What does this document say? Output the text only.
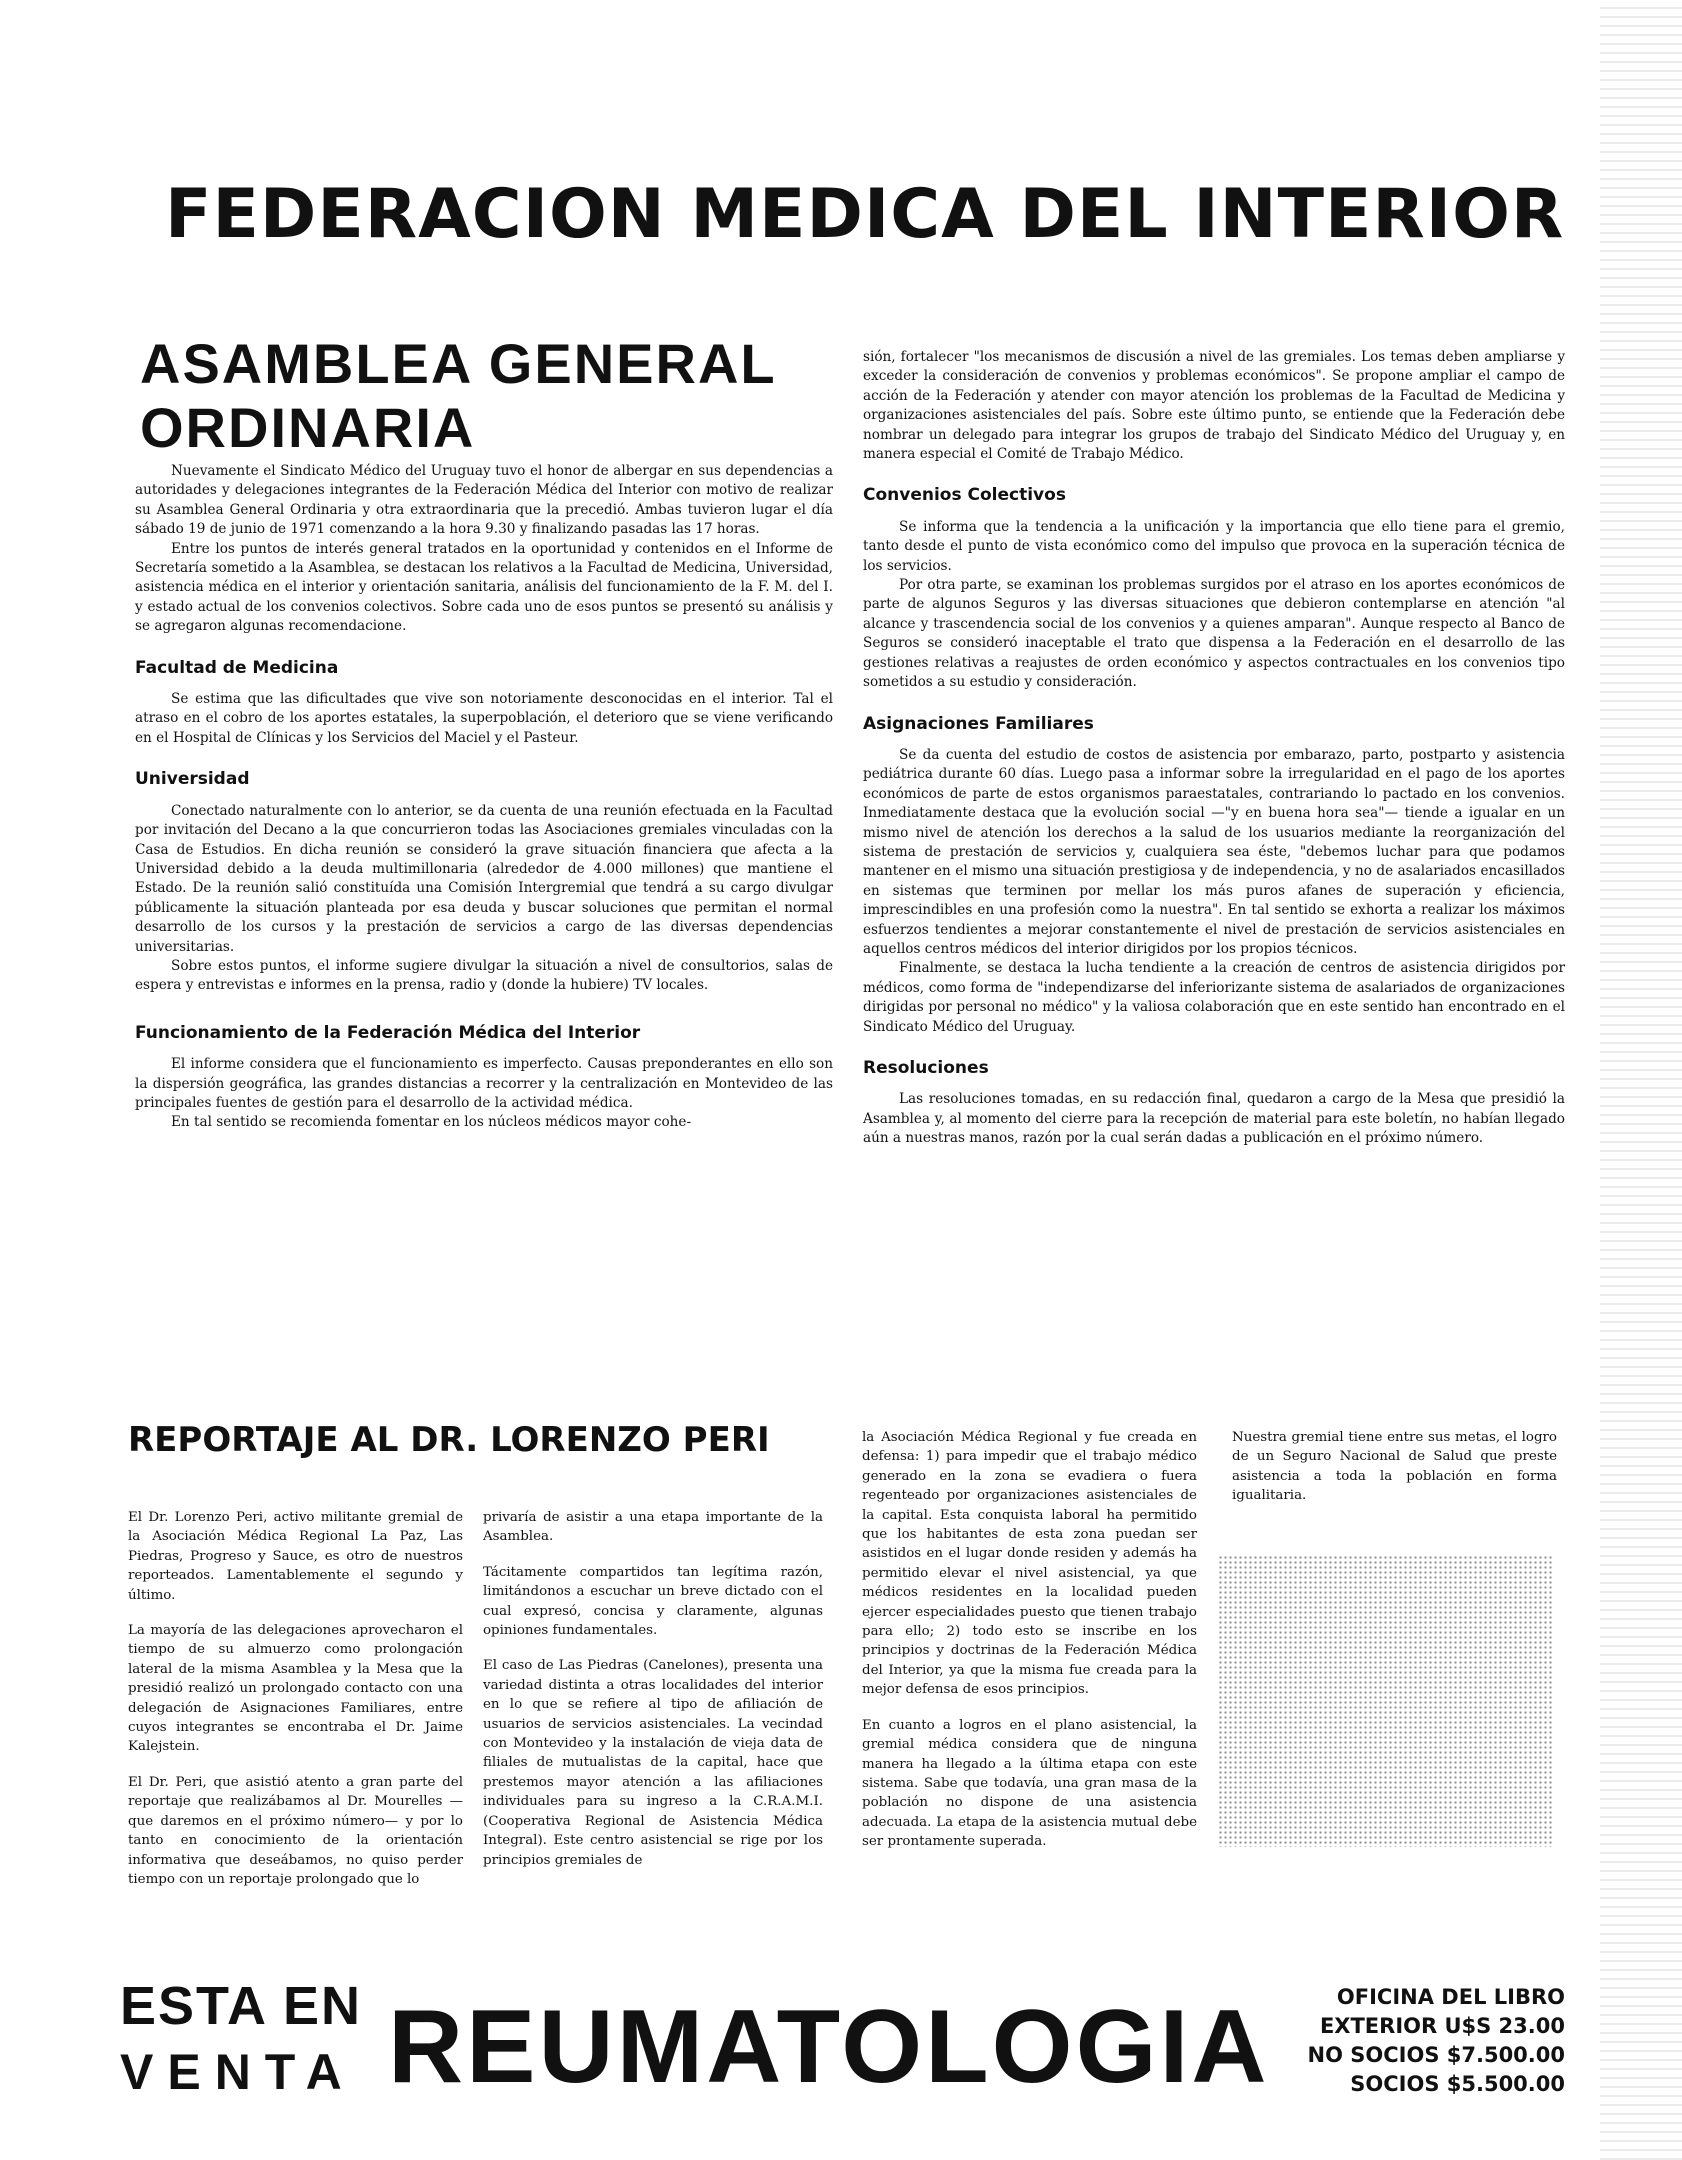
FEDERACION MEDICA DEL INTERIOR
ASAMBLEA GENERAL
ORDINARIA

Nuevamente el Sindicato Médico del Uruguay tuvo el honor de albergar en sus dependencias a autoridades y delegaciones integrantes de la Federación Médica del Interior con motivo de realizar su Asamblea General Ordinaria y otra extraordinaria que la precedió. Ambas tuvieron lugar el día sábado 19 de junio de 1971 comenzando a la hora 9.30 y finalizando pasadas las 17 horas.

Entre los puntos de interés general tratados en la oportunidad y contenidos en el Informe de Secretaría sometido a la Asamblea, se destacan los relativos a la Facultad de Medicina, Universidad, asistencia médica en el interior y orientación sanitaria, análisis del funcionamiento de la F. M. del I. y estado actual de los convenios colectivos. Sobre cada uno de esos puntos se presentó su análisis y se agregaron algunas recomendacione.

Facultad de Medicina

Se estima que las dificultades que vive son notoriamente desconocidas en el interior. Tal el atraso en el cobro de los aportes estatales, la superpoblación, el deterioro que se viene verificando en el Hospital de Clínicas y los Servicios del Maciel y el Pasteur.

Universidad

Conectado naturalmente con lo anterior, se da cuenta de una reunión efectuada en la Facultad por invitación del Decano a la que concurrieron todas las Asociaciones gremiales vinculadas con la Casa de Estudios. En dicha reunión se consideró la grave situación financiera que afecta a la Universidad debido a la deuda multimillonaria (alrededor de 4.000 millones) que mantiene el Estado. De la reunión salió constituída una Comisión Intergremial que tendrá a su cargo divulgar públicamente la situación planteada por esa deuda y buscar soluciones que permitan el normal desarrollo de los cursos y la prestación de servicios a cargo de las diversas dependencias universitarias.

Sobre estos puntos, el informe sugiere divulgar la situación a nivel de consultorios, salas de espera y entrevistas e informes en la prensa, radio y (donde la hubiere) TV locales.

Funcionamiento de la Federación Médica del Interior

El informe considera que el funcionamiento es imperfecto. Causas preponderantes en ello son la dispersión geográfica, las grandes distancias a recorrer y la centralización en Montevideo de las principales fuentes de gestión para el desarrollo de la actividad médica.

En tal sentido se recomienda fomentar en los núcleos médicos mayor cohe-

sión, fortalecer "los mecanismos de discusión a nivel de las gremiales. Los temas deben ampliarse y exceder la consideración de convenios y problemas económicos". Se propone ampliar el campo de acción de la Federación y atender con mayor atención los problemas de la Facultad de Medicina y organizaciones asistenciales del país. Sobre este último punto, se entiende que la Federación debe nombrar un delegado para integrar los grupos de trabajo del Sindicato Médico del Uruguay y, en manera especial el Comité de Trabajo Médico.

Convenios Colectivos

Se informa que la tendencia a la unificación y la importancia que ello tiene para el gremio, tanto desde el punto de vista económico como del impulso que provoca en la superación técnica de los servicios.

Por otra parte, se examinan los problemas surgidos por el atraso en los aportes económicos de parte de algunos Seguros y las diversas situaciones que debieron contemplarse en atención "al alcance y trascendencia social de los convenios y a quienes amparan". Aunque respecto al Banco de Seguros se consideró inaceptable el trato que dispensa a la Federación en el desarrollo de las gestiones relativas a reajustes de orden económico y aspectos contractuales en los convenios tipo sometidos a su estudio y consideración.

Asignaciones Familiares

Se da cuenta del estudio de costos de asistencia por embarazo, parto, postparto y asistencia pediátrica durante 60 días. Luego pasa a informar sobre la irregularidad en el pago de los aportes económicos de parte de estos organismos paraestatales, contrariando lo pactado en los convenios. Inmediatamente destaca que la evolución social —"y en buena hora sea"— tiende a igualar en un mismo nivel de atención los derechos a la salud de los usuarios mediante la reorganización del sistema de prestación de servicios y, cualquiera sea éste, "debemos luchar para que podamos mantener en el mismo una situación prestigiosa y de independencia, y no de asalariados encasillados en sistemas que terminen por mellar los más puros afanes de superación y eficiencia, imprescindibles en una profesión como la nuestra". En tal sentido se exhorta a realizar los máximos esfuerzos tendientes a mejorar constantemente el nivel de prestación de servicios asistenciales en aquellos centros médicos del interior dirigidos por los propios técnicos.

Finalmente, se destaca la lucha tendiente a la creación de centros de asistencia dirigidos por médicos, como forma de "independizarse del inferiorizante sistema de asalariados de organizaciones dirigidas por personal no médico" y la valiosa colaboración que en este sentido han encontrado en el Sindicato Médico del Uruguay.

Resoluciones

Las resoluciones tomadas, en su redacción final, quedaron a cargo de la Mesa que presidió la Asamblea y, al momento del cierre para la recepción de material para este boletín, no habían llegado aún a nuestras manos, razón por la cual serán dadas a publicación en el próximo número.

REPORTAJE AL DR. LORENZO PERI

El Dr. Lorenzo Peri, activo militante gremial de la Asociación Médica Regional La Paz, Las Piedras, Progreso y Sauce, es otro de nuestros reporteados. Lamentablemente el segundo y último.

La mayoría de las delegaciones aprovecharon el tiempo de su almuerzo como prolongación lateral de la misma Asamblea y la Mesa que la presidió realizó un prolongado contacto con una delegación de Asignaciones Familiares, entre cuyos integrantes se encontraba el Dr. Jaime Kalejstein.

El Dr. Peri, que asistió atento a gran parte del reportaje que realizábamos al Dr. Mourelles —que daremos en el próximo número— y por lo tanto en conocimiento de la orientación informativa que deseábamos, no quiso perder tiempo con un reportaje prolongado que lo

privaría de asistir a una etapa importante de la Asamblea.

Tácitamente compartidos tan legítima razón, limitándonos a escuchar un breve dictado con el cual expresó, concisa y claramente, algunas opiniones fundamentales.

El caso de Las Piedras (Canelones), presenta una variedad distinta a otras localidades del interior en lo que se refiere al tipo de afiliación de usuarios de servicios asistenciales. La vecindad con Montevideo y la instalación de vieja data de filiales de mutualistas de la capital, hace que prestemos mayor atención a las afiliaciones individuales para su ingreso a la C.R.A.M.I. (Cooperativa Regional de Asistencia Médica Integral). Este centro asistencial se rige por los principios gremiales de

la Asociación Médica Regional y fue creada en defensa: 1) para impedir que el trabajo médico generado en la zona se evadiera o fuera regenteado por organizaciones asistenciales de la capital. Esta conquista laboral ha permitido que los habitantes de esta zona puedan ser asistidos en el lugar donde residen y además ha permitido elevar el nivel asistencial, ya que médicos residentes en la localidad pueden ejercer especialidades puesto que tienen trabajo para ello; 2) todo esto se inscribe en los principios y doctrinas de la Federación Médica del Interior, ya que la misma fue creada para la mejor defensa de esos principios.

En cuanto a logros en el plano asistencial, la gremial médica considera que de ninguna manera ha llegado a la última etapa con este sistema. Sabe que todavía, una gran masa de la población no dispone de una asistencia adecuada. La etapa de la asistencia mutual debe ser prontamente superada.

Nuestra gremial tiene entre sus metas, el logro de un Seguro Nacional de Salud que preste asistencia a toda la población en forma igualitaria.

ESTA EN
VENTA REUMATOLOGIA	OFICINA DEL LIBRO
EXTERIOR U$S 23.00
NO SOCIOS $7.500.00
SOCIOS $5.500.00
